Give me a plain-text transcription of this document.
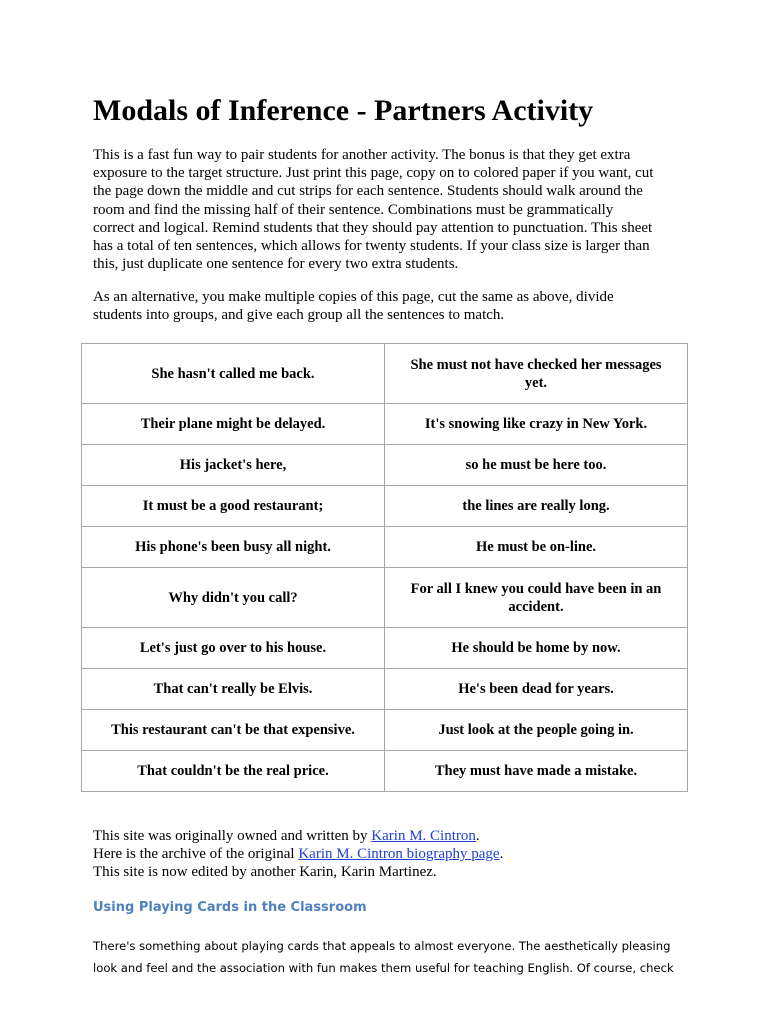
Modals of Inference - Partners Activity

This is a fast fun way to pair students for another activity. The bonus is that they get extra
exposure to the target structure. Just print this page, copy on to colored paper if you want, cut
the page down the middle and cut strips for each sentence. Students should walk around the
room and find the missing half of their sentence. Combinations must be grammatically
correct and logical. Remind students that they should pay attention to punctuation. This sheet
has a total of ten sentences, which allows for twenty students. If your class size is larger than
this, just duplicate one sentence for every two extra students.

As an alternative, you make multiple copies of this page, cut the same as above, divide
students into groups, and give each group all the sentences to match.

She hasn't called me back.	She must not have checked her messages yet.
Their plane might be delayed.	It's snowing like crazy in New York.
His jacket's here,	so he must be here too.
It must be a good restaurant;	the lines are really long.
His phone's been busy all night.	He must be on-line.
Why didn't you call?	For all I knew you could have been in an accident.
Let's just go over to his house.	He should be home by now.
That can't really be Elvis.	He's been dead for years.
This restaurant can't be that expensive.	Just look at the people going in.
That couldn't be the real price.	They must have made a mistake.
This site was originally owned and written by Karin M. Cintron.
Here is the archive of the original Karin M. Cintron biography page.
This site is now edited by another Karin, Karin Martinez.
Using Playing Cards in the Classroom

There's something about playing cards that appeals to almost everyone. The aesthetically pleasing
look and feel and the association with fun makes them useful for teaching English. Of course, check
